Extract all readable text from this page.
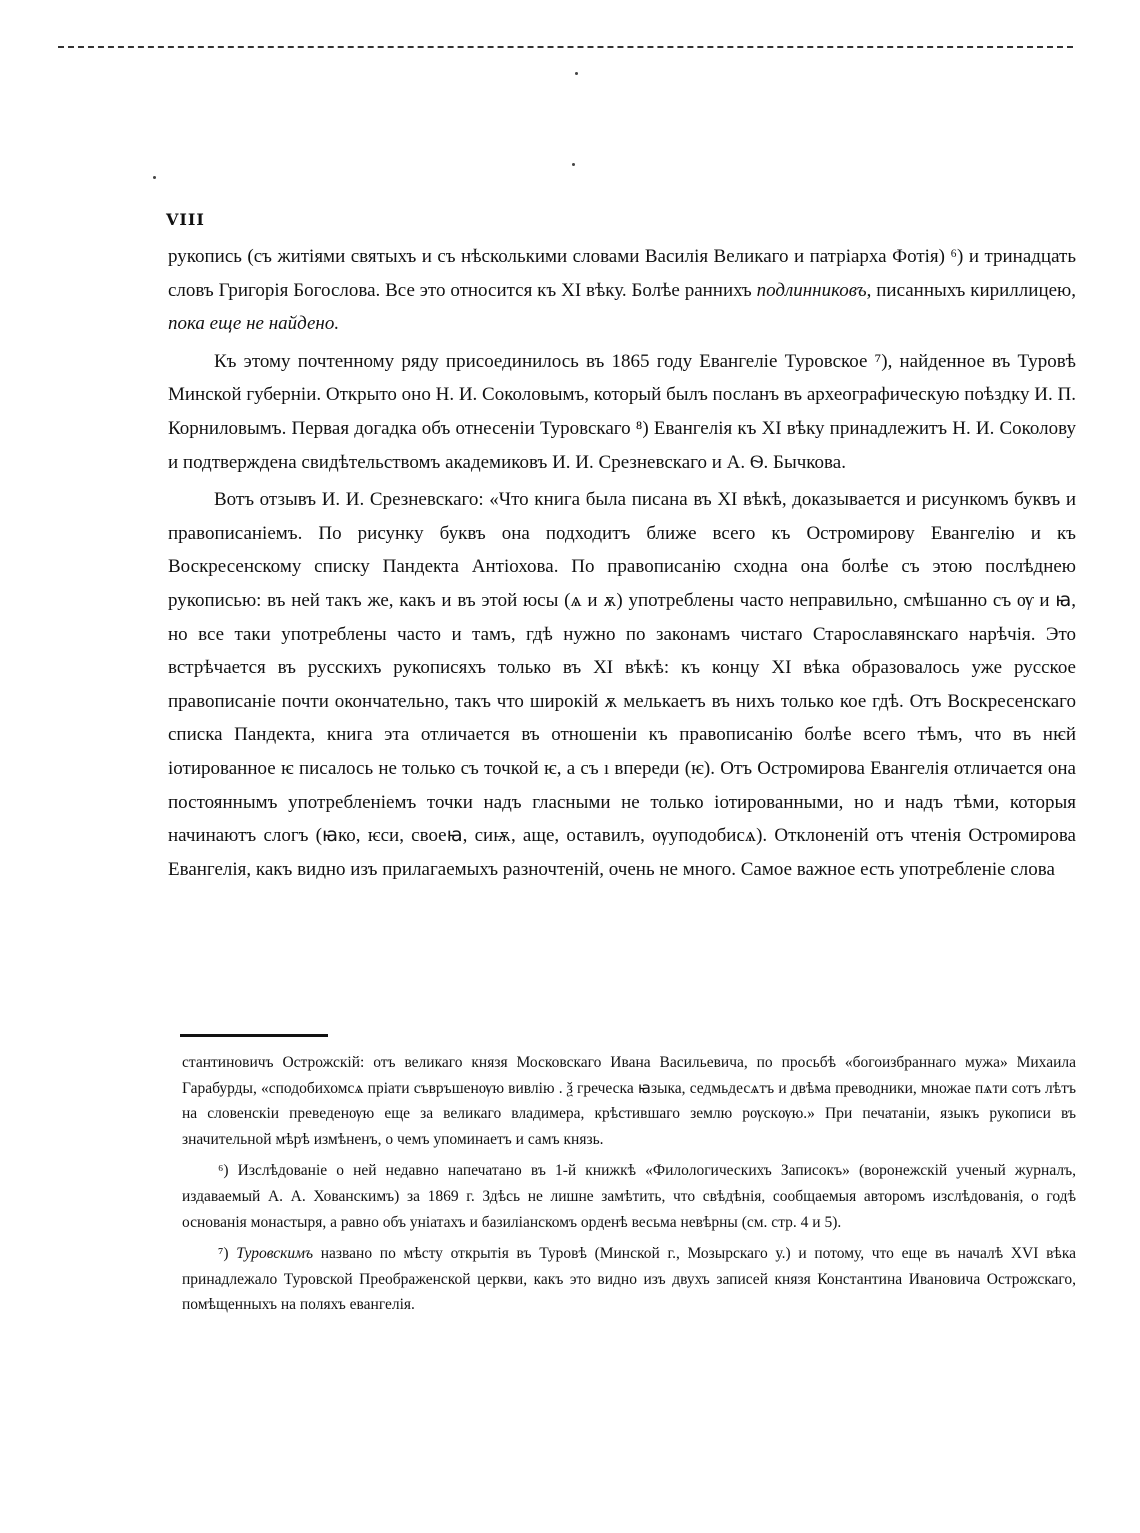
VIII

рукопись (съ житіями святыхъ и съ нѣсколькими словами Василія Великаго и патріарха Фотія) ⁶) и тринадцать словъ Григорія Богослова. Все это относится къ XI вѣку. Болѣе раннихъ подлинниковъ, писанныхъ кириллицею, пока еще не найдено.

Къ этому почтенному ряду присоединилось въ 1865 году Евангеліе Туровское ⁷), найденное въ Туровѣ Минской губерніи. Открыто оно Н. И. Соколовымъ, который былъ посланъ въ археографическую поѣздку И. П. Корниловымъ. Первая догадка объ отнесеніи Туровскаго ⁸) Евангелія къ XI вѣку принадлежитъ Н. И. Соколову и подтверждена свидѣтельствомъ академиковъ И. И. Срезневскаго и А. Ѳ. Бычкова.

Вотъ отзывъ И. И. Срезневскаго: «Что книга была писана въ XI вѣкѣ, доказывается и рисункомъ буквъ и правописаніемъ. По рисунку буквъ она подходитъ ближе всего къ Остромирову Евангелію и къ Воскресенскому списку Пандекта Антіохова. По правописанію сходна она болѣе съ этою послѣднею рукописью: въ ней такъ же, какъ и въ этой юсы (ѧ и ѫ) употреблены часто неправильно, смѣшанно съ ѹ и ꙗ, но все таки употреблены часто и тамъ, гдѣ нужно по законамъ чистаго Старославянскаго нарѣчія. Это встрѣчается въ русскихъ рукописяхъ только въ XI вѣкѣ: къ концу XI вѣка образовалось уже русское правописаніе почти окончательно, такъ что широкій ѫ мелькаетъ въ нихъ только кое гдѣ. Отъ Воскресенскаго списка Пандекта, книга эта отличается въ отношеніи къ правописанію болѣе всего тѣмъ, что въ нѥй іотированное ѥ писалось не только съ точкой ѥ, а съ ı впереди (ѥ). Отъ Остромирова Евангелія отличается она постояннымъ употребленіемъ точки надъ гласными не только іотированными, но и надъ тѣми, которыя начинаютъ слогъ (ꙗко, ѥси, своеꙗ, сиѭ, аще, оставилъ, ѹуподобисѧ). Отклоненій отъ чтенія Остромирова Евангелія, какъ видно изъ прилагаемыхъ разночтеній, очень не много. Самое важное есть употребленіе слова

стантиновичъ Острожскій: отъ великаго князя Московскаго Ивана Васильевича, по просьбѣ «богоизбраннаго мужа» Михаила Гарабурды, «сподобихомсѧ прiати съвръшенѹю вивлiю . ѯ греческа ꙗзыка, седмьдесѧтъ и двѣма преводники, множае пѧти сотъ лѣтъ на словенскiи преведенѹю еще за великаго владимера, крѣстившаго землю рѹскѹю.» При печатаніи, языкъ рукописи въ значительной мѣрѣ измѣненъ, о чемъ упоминаетъ и самъ князь.

⁶) Изслѣдованіе о ней недавно напечатано въ 1-й книжкѣ «Филологическихъ Записокъ» (воронежскій ученый журналъ, издаваемый А. А. Хованскимъ) за 1869 г. Здѣсь не лишне замѣтить, что свѣдѣнія, сообщаемыя авторомъ изслѣдованія, о годѣ основанія монастыря, а равно объ уніатахъ и базиліанскомъ орденѣ весьма невѣрны (см. стр. 4 и 5).

⁷) Туровскимъ названо по мѣсту открытія въ Туровѣ (Минской г., Мозырскаго у.) и потому, что еще въ началѣ XVI вѣка принадлежало Туровской Преображенской церкви, какъ это видно изъ двухъ записей князя Константина Ивановича Острожскаго, помѣщенныхъ на поляхъ евангелія.
